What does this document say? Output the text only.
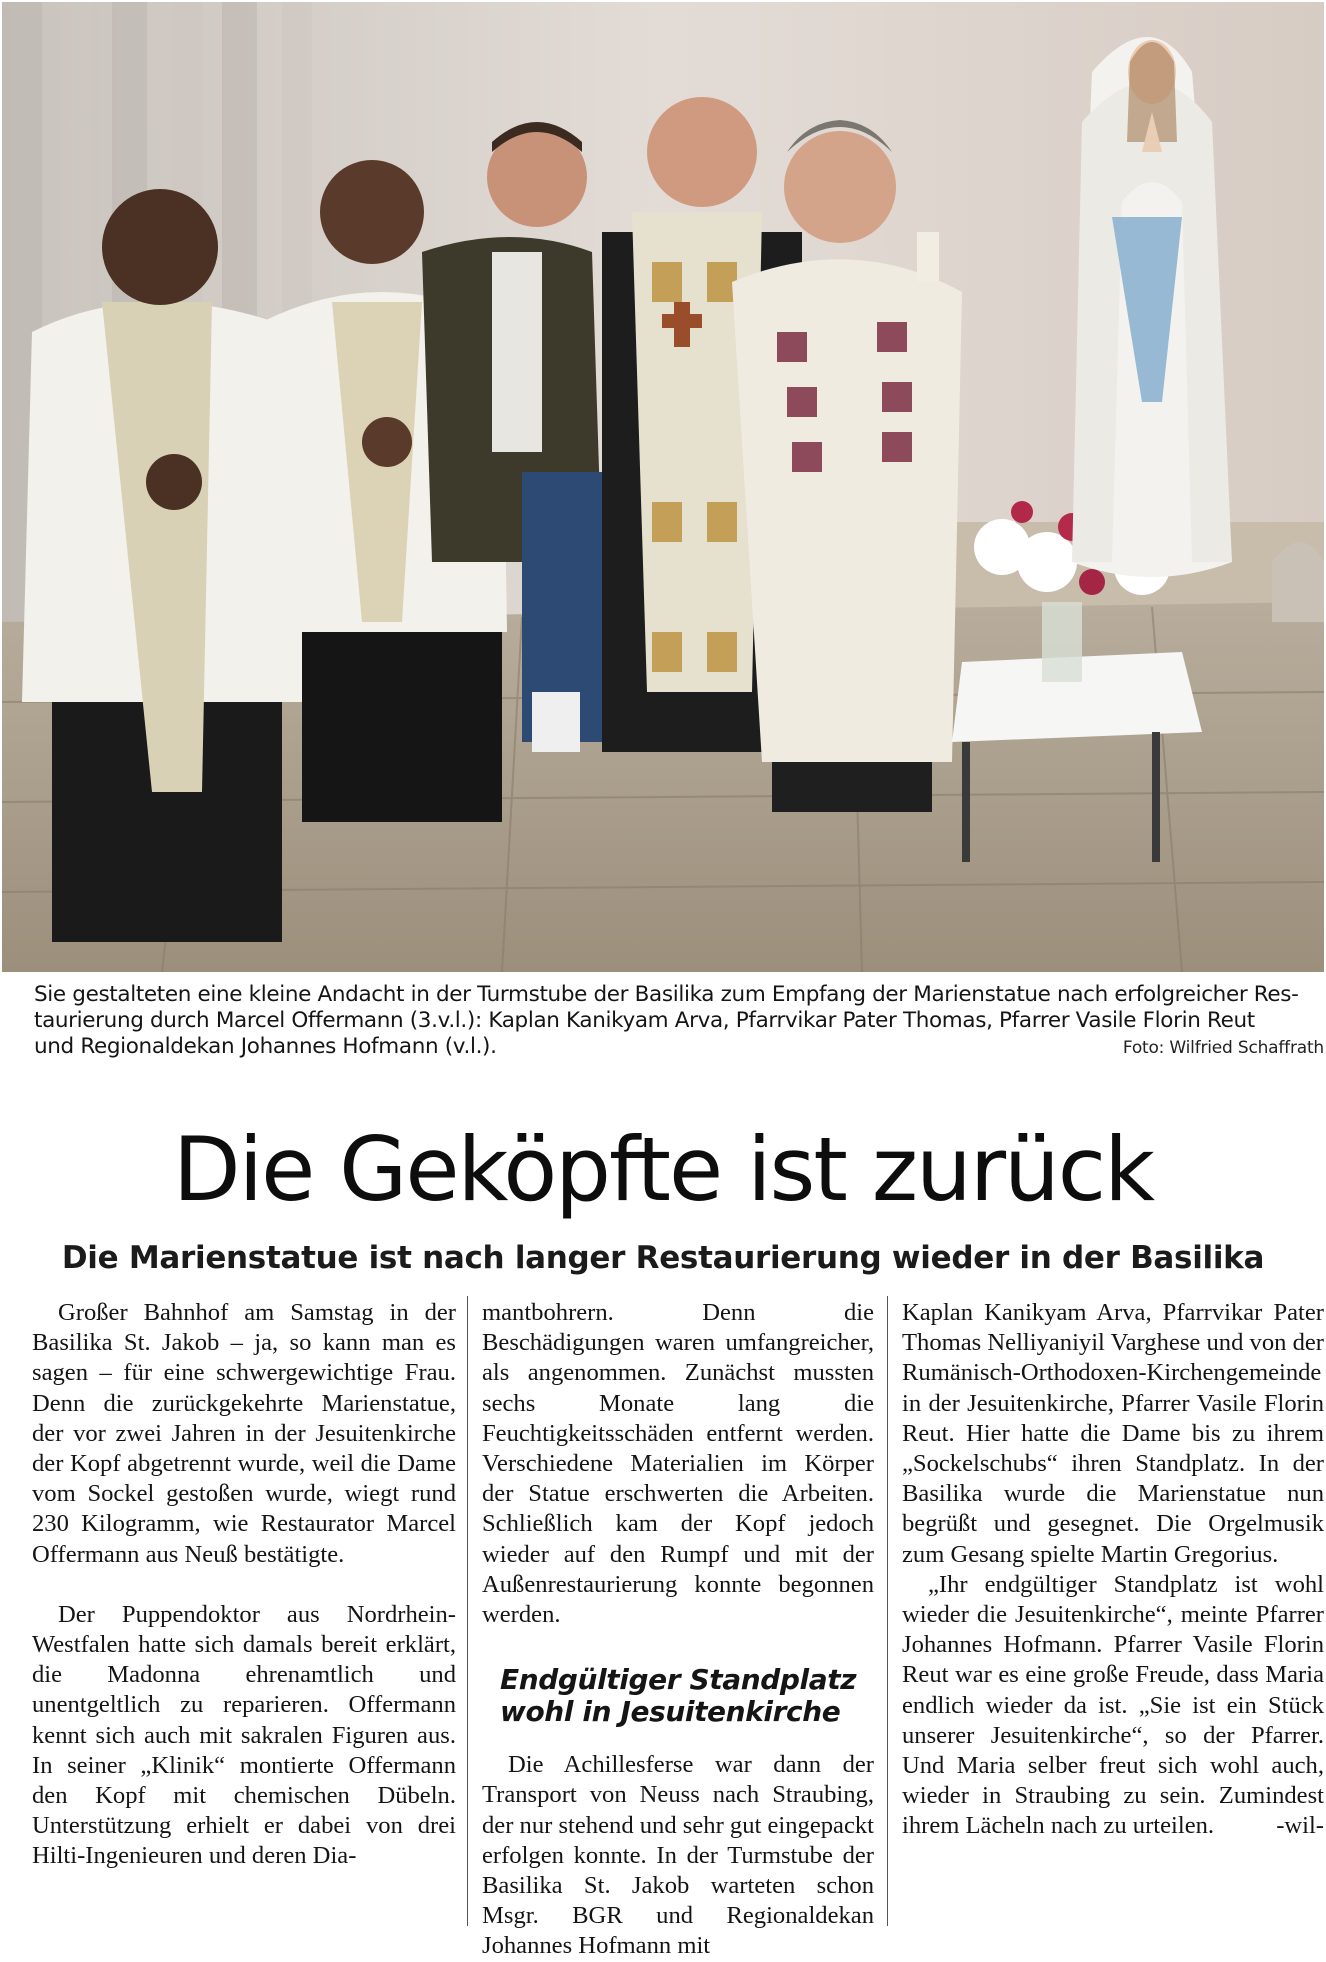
Sie gestalteten eine kleine Andacht in der Turmstube der Basilika zum Empfang der Marienstatue nach erfolgreicher Res-
taurierung durch Marcel Offermann (3.v.l.): Kaplan Kanikyam Arva, Pfarrvikar Pater Thomas, Pfarrer Vasile Florin Reut
und Regionaldekan Johannes Hofmann (v.l.).	Foto: Wilfried Schaffrath
Die Geköpfte ist zurück
Die Marienstatue ist nach langer Restaurierung wieder in der Basilika

Großer Bahnhof am Samstag in der Basilika St. Jakob – ja, so kann man es sagen – für eine schwergewichtige Frau. Denn die zurückgekehrte Marienstatue, der vor zwei Jahren in der Jesuitenkirche der Kopf abgetrennt wurde, weil die Dame vom Sockel gestoßen wurde, wiegt rund 230 Kilogramm, wie Restaurator Marcel Offermann aus Neuß bestätigte.

Der Puppendoktor aus Nordrhein-Westfalen hatte sich damals bereit erklärt, die Madonna ehrenamtlich und unentgeltlich zu reparieren. Offermann kennt sich auch mit sakralen Figuren aus. In seiner „Klinik“ montierte Offermann den Kopf mit chemischen Dübeln. Unterstützung erhielt er dabei von drei Hilti-Ingenieuren und deren Dia-

mantbohrern. Denn die Beschädigungen waren umfangreicher, als angenommen. Zunächst mussten sechs Monate lang die Feuchtigkeitsschäden entfernt werden. Verschiedene Materialien im Körper der Statue erschwerten die Arbeiten. Schließlich kam der Kopf jedoch wieder auf den Rumpf und mit der Außenrestaurierung konnte begonnen werden.

Endgültiger Standplatz wohl in Jesuitenkirche

Die Achillesferse war dann der Transport von Neuss nach Straubing, der nur stehend und sehr gut eingepackt erfolgen konnte. In der Turmstube der Basilika St. Jakob warteten schon Msgr. BGR und Regionaldekan Johannes Hofmann mit

Kaplan Kanikyam Arva, Pfarrvikar Pater Thomas Nelliyaniyil Varghese und von der Rumänisch-Orthodoxen-Kirchengemeinde in der Jesuitenkirche, Pfarrer Vasile Florin Reut. Hier hatte die Dame bis zu ihrem „Sockelschubs“ ihren Standplatz. In der Basilika wurde die Marienstatue nun begrüßt und gesegnet. Die Orgelmusik zum Gesang spielte Martin Gregorius.

„Ihr endgültiger Standplatz ist wohl wieder die Jesuitenkirche“, meinte Pfarrer Johannes Hofmann. Pfarrer Vasile Florin Reut war es eine große Freude, dass Maria endlich wieder da ist. „Sie ist ein Stück unserer Jesuitenkirche“, so der Pfarrer. Und Maria selber freut sich wohl auch, wieder in Straubing zu sein. Zumindest ihrem Lächeln nach zu urteilen.	-wil-
